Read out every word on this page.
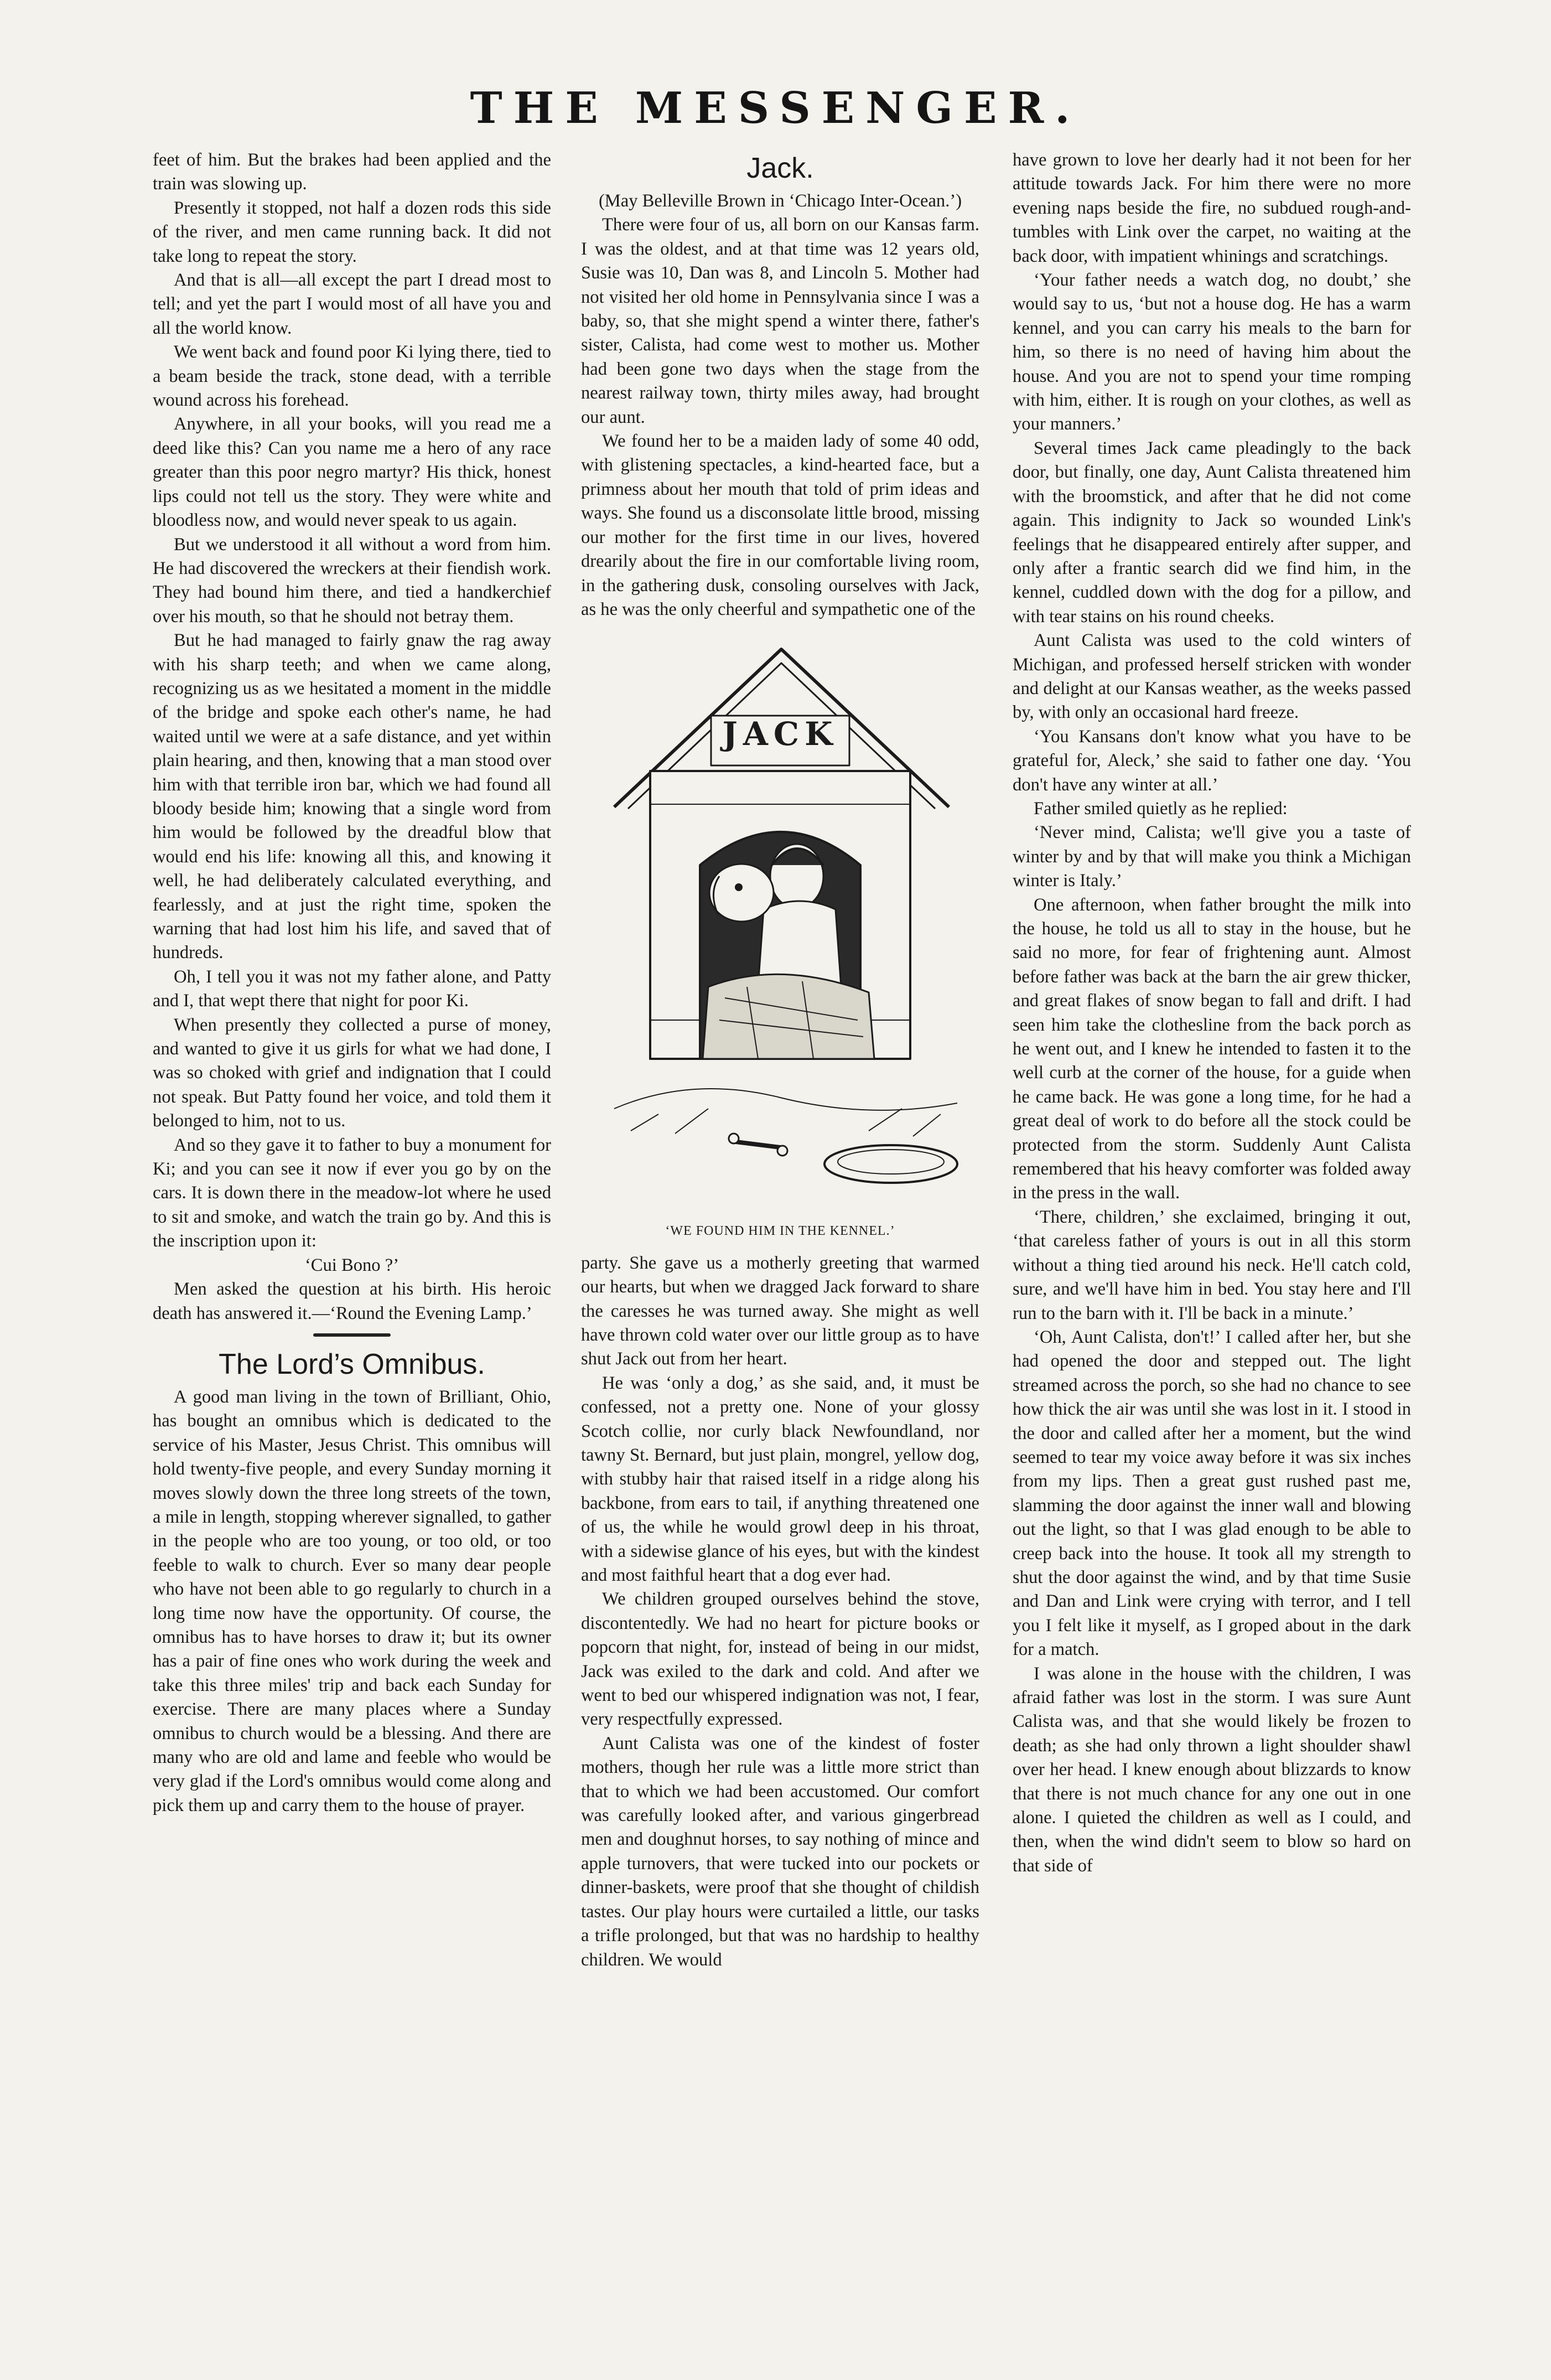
THE MESSENGER.

feet of him. But the brakes had been applied and the train was slowing up.

Presently it stopped, not half a dozen rods this side of the river, and men came running back. It did not take long to repeat the story.

And that is all—all except the part I dread most to tell; and yet the part I would most of all have you and all the world know.

We went back and found poor Ki lying there, tied to a beam beside the track, stone dead, with a terrible wound across his forehead.

Anywhere, in all your books, will you read me a deed like this? Can you name me a hero of any race greater than this poor negro martyr? His thick, honest lips could not tell us the story. They were white and bloodless now, and would never speak to us again.

But we understood it all without a word from him. He had discovered the wreckers at their fiendish work. They had bound him there, and tied a handkerchief over his mouth, so that he should not betray them.

But he had managed to fairly gnaw the rag away with his sharp teeth; and when we came along, recognizing us as we hesitated a moment in the middle of the bridge and spoke each other's name, he had waited until we were at a safe distance, and yet within plain hearing, and then, knowing that a man stood over him with that terrible iron bar, which we had found all bloody beside him; knowing that a single word from him would be followed by the dreadful blow that would end his life: knowing all this, and knowing it well, he had deliberately calculated everything, and fearlessly, and at just the right time, spoken the warning that had lost him his life, and saved that of hundreds.

Oh, I tell you it was not my father alone, and Patty and I, that wept there that night for poor Ki.

When presently they collected a purse of money, and wanted to give it us girls for what we had done, I was so choked with grief and indignation that I could not speak. But Patty found her voice, and told them it belonged to him, not to us.

And so they gave it to father to buy a monument for Ki; and you can see it now if ever you go by on the cars. It is down there in the meadow-lot where he used to sit and smoke, and watch the train go by. And this is the inscription upon it:

‘Cui Bono ?’

Men asked the question at his birth. His heroic death has answered it.—‘Round the Evening Lamp.’

The Lord’s Omnibus.

A good man living in the town of Brilliant, Ohio, has bought an omnibus which is dedicated to the service of his Master, Jesus Christ. This omnibus will hold twenty-five people, and every Sunday morning it moves slowly down the three long streets of the town, a mile in length, stopping wherever signalled, to gather in the people who are too young, or too old, or too feeble to walk to church. Ever so many dear people who have not been able to go regularly to church in a long time now have the opportunity. Of course, the omnibus has to have horses to draw it; but its owner has a pair of fine ones who work during the week and take this three miles' trip and back each Sunday for exercise. There are many places where a Sunday omnibus to church would be a blessing. And there are many who are old and lame and feeble who would be very glad if the Lord's omnibus would come along and pick them up and carry them to the house of prayer.

Jack.

(May Belleville Brown in ‘Chicago Inter-Ocean.’)

There were four of us, all born on our Kansas farm. I was the oldest, and at that time was 12 years old, Susie was 10, Dan was 8, and Lincoln 5. Mother had not visited her old home in Pennsylvania since I was a baby, so, that she might spend a winter there, father's sister, Calista, had come west to mother us. Mother had been gone two days when the stage from the nearest railway town, thirty miles away, had brought our aunt.

We found her to be a maiden lady of some 40 odd, with glistening spectacles, a kind-hearted face, but a primness about her mouth that told of prim ideas and ways. She found us a disconsolate little brood, missing our mother for the first time in our lives, hovered drearily about the fire in our comfortable living room, in the gathering dusk, consoling ourselves with Jack, as he was the only cheerful and sympathetic one of the

JACK
‘WE FOUND HIM IN THE KENNEL.’

party. She gave us a motherly greeting that warmed our hearts, but when we dragged Jack forward to share the caresses he was turned away. She might as well have thrown cold water over our little group as to have shut Jack out from her heart.

He was ‘only a dog,’ as she said, and, it must be confessed, not a pretty one. None of your glossy Scotch collie, nor curly black Newfoundland, nor tawny St. Bernard, but just plain, mongrel, yellow dog, with stubby hair that raised itself in a ridge along his backbone, from ears to tail, if anything threatened one of us, the while he would growl deep in his throat, with a sidewise glance of his eyes, but with the kindest and most faithful heart that a dog ever had.

We children grouped ourselves behind the stove, discontentedly. We had no heart for picture books or popcorn that night, for, instead of being in our midst, Jack was exiled to the dark and cold. And after we went to bed our whispered indignation was not, I fear, very respectfully expressed.

Aunt Calista was one of the kindest of foster mothers, though her rule was a little more strict than that to which we had been accustomed. Our comfort was carefully looked after, and various gingerbread men and doughnut horses, to say nothing of mince and apple turnovers, that were tucked into our pockets or dinner-baskets, were proof that she thought of childish tastes. Our play hours were curtailed a little, our tasks a trifle prolonged, but that was no hardship to healthy children. We would

have grown to love her dearly had it not been for her attitude towards Jack. For him there were no more evening naps beside the fire, no subdued rough-and-tumbles with Link over the carpet, no waiting at the back door, with impatient whinings and scratchings.

‘Your father needs a watch dog, no doubt,’ she would say to us, ‘but not a house dog. He has a warm kennel, and you can carry his meals to the barn for him, so there is no need of having him about the house. And you are not to spend your time romping with him, either. It is rough on your clothes, as well as your manners.’

Several times Jack came pleadingly to the back door, but finally, one day, Aunt Calista threatened him with the broomstick, and after that he did not come again. This indignity to Jack so wounded Link's feelings that he disappeared entirely after supper, and only after a frantic search did we find him, in the kennel, cuddled down with the dog for a pillow, and with tear stains on his round cheeks.

Aunt Calista was used to the cold winters of Michigan, and professed herself stricken with wonder and delight at our Kansas weather, as the weeks passed by, with only an occasional hard freeze.

‘You Kansans don't know what you have to be grateful for, Aleck,’ she said to father one day. ‘You don't have any winter at all.’

Father smiled quietly as he replied:

‘Never mind, Calista; we'll give you a taste of winter by and by that will make you think a Michigan winter is Italy.’

One afternoon, when father brought the milk into the house, he told us all to stay in the house, but he said no more, for fear of frightening aunt. Almost before father was back at the barn the air grew thicker, and great flakes of snow began to fall and drift. I had seen him take the clothesline from the back porch as he went out, and I knew he intended to fasten it to the well curb at the corner of the house, for a guide when he came back. He was gone a long time, for he had a great deal of work to do before all the stock could be protected from the storm. Suddenly Aunt Calista remembered that his heavy comforter was folded away in the press in the wall.

‘There, children,’ she exclaimed, bringing it out, ‘that careless father of yours is out in all this storm without a thing tied around his neck. He'll catch cold, sure, and we'll have him in bed. You stay here and I'll run to the barn with it. I'll be back in a minute.’

‘Oh, Aunt Calista, don't!’ I called after her, but she had opened the door and stepped out. The light streamed across the porch, so she had no chance to see how thick the air was until she was lost in it. I stood in the door and called after her a moment, but the wind seemed to tear my voice away before it was six inches from my lips. Then a great gust rushed past me, slamming the door against the inner wall and blowing out the light, so that I was glad enough to be able to creep back into the house. It took all my strength to shut the door against the wind, and by that time Susie and Dan and Link were crying with terror, and I tell you I felt like it myself, as I groped about in the dark for a match.

I was alone in the house with the children, I was afraid father was lost in the storm. I was sure Aunt Calista was, and that she would likely be frozen to death; as she had only thrown a light shoulder shawl over her head. I knew enough about blizzards to know that there is not much chance for any one out in one alone. I quieted the children as well as I could, and then, when the wind didn't seem to blow so hard on that side of
